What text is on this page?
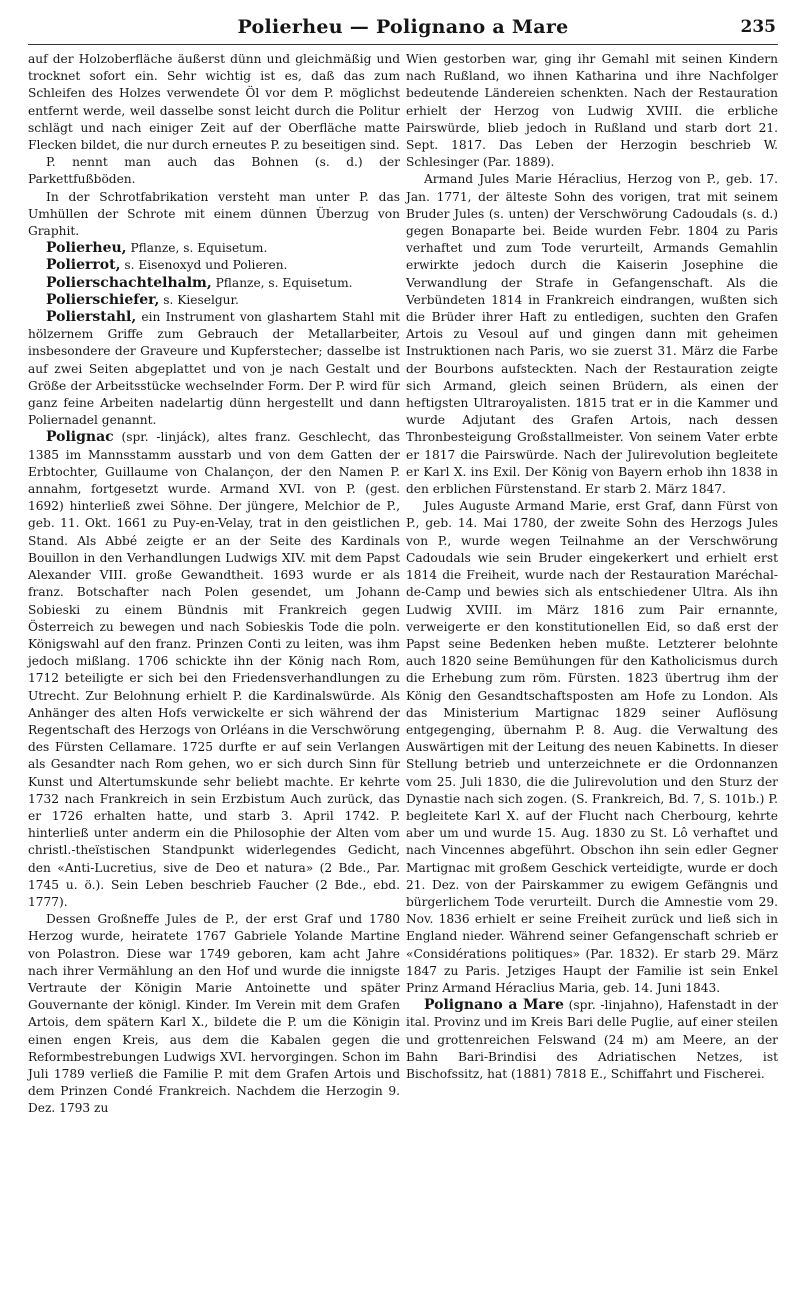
Polierheu — Polignano a Mare	235

auf der Holzoberfläche äußerst dünn und gleichmäßig und trocknet sofort ein. Sehr wichtig ist es, daß das zum Schleifen des Holzes verwendete Öl vor dem P. möglichst entfernt werde, weil dasselbe sonst leicht durch die Politur schlägt und nach einiger Zeit auf der Oberfläche matte Flecken bildet, die nur durch erneutes P. zu beseitigen sind.

P. nennt man auch das Bohnen (s. d.) der Parkettfußböden.

In der Schrotfabrikation versteht man unter P. das Umhüllen der Schrote mit einem dünnen Überzug von Graphit.

Polierheu, Pflanze, s. Equisetum.

Polierrot, s. Eisenoxyd und Polieren.

Polierschachtelhalm, Pflanze, s. Equisetum.

Polierschiefer, s. Kieselgur.

Polierstahl, ein Instrument von glashartem Stahl mit hölzernem Griffe zum Gebrauch der Metallarbeiter, insbesondere der Graveure und Kupferstecher; dasselbe ist auf zwei Seiten abgeplattet und von je nach Gestalt und Größe der Arbeitsstücke wechselnder Form. Der P. wird für ganz feine Arbeiten nadelartig dünn hergestellt und dann Poliernadel genannt.

Polignac (spr. -linjáck), altes franz. Geschlecht, das 1385 im Mannsstamm ausstarb und von dem Gatten der Erbtochter, Guillaume von Chalançon, der den Namen P. annahm, fortgesetzt wurde. Armand XVI. von P. (gest. 1692) hinterließ zwei Söhne. Der jüngere, Melchior de P., geb. 11. Okt. 1661 zu Puy-en-Velay, trat in den geistlichen Stand. Als Abbé zeigte er an der Seite des Kardinals Bouillon in den Verhandlungen Ludwigs XIV. mit dem Papst Alexander VIII. große Gewandtheit. 1693 wurde er als franz. Botschafter nach Polen gesendet, um Johann Sobieski zu einem Bündnis mit Frankreich gegen Österreich zu bewegen und nach Sobieskis Tode die poln. Königswahl auf den franz. Prinzen Conti zu leiten, was ihm jedoch mißlang. 1706 schickte ihn der König nach Rom, 1712 beteiligte er sich bei den Friedensverhandlungen zu Utrecht. Zur Belohnung erhielt P. die Kardinalswürde. Als Anhänger des alten Hofs verwickelte er sich während der Regentschaft des Herzogs von Orléans in die Verschwörung des Fürsten Cellamare. 1725 durfte er auf sein Verlangen als Gesandter nach Rom gehen, wo er sich durch Sinn für Kunst und Altertumskunde sehr beliebt machte. Er kehrte 1732 nach Frankreich in sein Erzbistum Auch zurück, das er 1726 erhalten hatte, und starb 3. April 1742. P. hinterließ unter anderm ein die Philosophie der Alten vom christl.-theïstischen Standpunkt widerlegendes Gedicht, den «Anti-Lucretius, sive de Deo et natura» (2 Bde., Par. 1745 u. ö.). Sein Leben beschrieb Faucher (2 Bde., ebd. 1777).

Dessen Großneffe Jules de P., der erst Graf und 1780 Herzog wurde, heiratete 1767 Gabriele Yolande Martine von Polastron. Diese war 1749 geboren, kam acht Jahre nach ihrer Vermählung an den Hof und wurde die innigste Vertraute der Königin Marie Antoinette und später Gouvernante der königl. Kinder. Im Verein mit dem Grafen Artois, dem spätern Karl X., bildete die P. um die Königin einen engen Kreis, aus dem die Kabalen gegen die Reformbestrebungen Ludwigs XVI. hervorgingen. Schon im Juli 1789 verließ die Familie P. mit dem Grafen Artois und dem Prinzen Condé Frankreich. Nachdem die Herzogin 9. Dez. 1793 zu

Wien gestorben war, ging ihr Gemahl mit seinen Kindern nach Rußland, wo ihnen Katharina und ihre Nachfolger bedeutende Ländereien schenkten. Nach der Restauration erhielt der Herzog von Ludwig XVIII. die erbliche Pairswürde, blieb jedoch in Rußland und starb dort 21. Sept. 1817. Das Leben der Herzogin beschrieb W. Schlesinger (Par. 1889).

Armand Jules Marie Héraclius, Herzog von P., geb. 17. Jan. 1771, der älteste Sohn des vorigen, trat mit seinem Bruder Jules (s. unten) der Verschwörung Cadoudals (s. d.) gegen Bonaparte bei. Beide wurden Febr. 1804 zu Paris verhaftet und zum Tode verurteilt, Armands Gemahlin erwirkte jedoch durch die Kaiserin Josephine die Verwandlung der Strafe in Gefangenschaft. Als die Verbündeten 1814 in Frankreich eindrangen, wußten sich die Brüder ihrer Haft zu entledigen, suchten den Grafen Artois zu Vesoul auf und gingen dann mit geheimen Instruktionen nach Paris, wo sie zuerst 31. März die Farbe der Bourbons aufsteckten. Nach der Restauration zeigte sich Armand, gleich seinen Brüdern, als einen der heftigsten Ultraroyalisten. 1815 trat er in die Kammer und wurde Adjutant des Grafen Artois, nach dessen Thronbesteigung Großstallmeister. Von seinem Vater erbte er 1817 die Pairswürde. Nach der Julirevolution begleitete er Karl X. ins Exil. Der König von Bayern erhob ihn 1838 in den erblichen Fürstenstand. Er starb 2. März 1847.

Jules Auguste Armand Marie, erst Graf, dann Fürst von P., geb. 14. Mai 1780, der zweite Sohn des Herzogs Jules von P., wurde wegen Teilnahme an der Verschwörung Cadoudals wie sein Bruder eingekerkert und erhielt erst 1814 die Freiheit, wurde nach der Restauration Maréchal-de-Camp und bewies sich als entschiedener Ultra. Als ihn Ludwig XVIII. im März 1816 zum Pair ernannte, verweigerte er den konstitutionellen Eid, so daß erst der Papst seine Bedenken heben mußte. Letzterer belohnte auch 1820 seine Bemühungen für den Katholicismus durch die Erhebung zum röm. Fürsten. 1823 übertrug ihm der König den Gesandtschaftsposten am Hofe zu London. Als das Ministerium Martignac 1829 seiner Auflösung entgegenging, übernahm P. 8. Aug. die Verwaltung des Auswärtigen mit der Leitung des neuen Kabinetts. In dieser Stellung betrieb und unterzeichnete er die Ordonnanzen vom 25. Juli 1830, die die Julirevolution und den Sturz der Dynastie nach sich zogen. (S. Frankreich, Bd. 7, S. 101b.) P. begleitete Karl X. auf der Flucht nach Cherbourg, kehrte aber um und wurde 15. Aug. 1830 zu St. Lô verhaftet und nach Vincennes abgeführt. Obschon ihn sein edler Gegner Martignac mit großem Geschick verteidigte, wurde er doch 21. Dez. von der Pairskammer zu ewigem Gefängnis und bürgerlichem Tode verurteilt. Durch die Amnestie vom 29. Nov. 1836 erhielt er seine Freiheit zurück und ließ sich in England nieder. Während seiner Gefangenschaft schrieb er «Considérations politiques» (Par. 1832). Er starb 29. März 1847 zu Paris. Jetziges Haupt der Familie ist sein Enkel Prinz Armand Héraclius Maria, geb. 14. Juni 1843.

Polignano a Mare (spr. -linjahno), Hafenstadt in der ital. Provinz und im Kreis Bari delle Puglie, auf einer steilen und grottenreichen Felswand (24 m) am Meere, an der Bahn Bari-Brindisi des Adriatischen Netzes, ist Bischofssitz, hat (1881) 7818 E., Schiffahrt und Fischerei.
